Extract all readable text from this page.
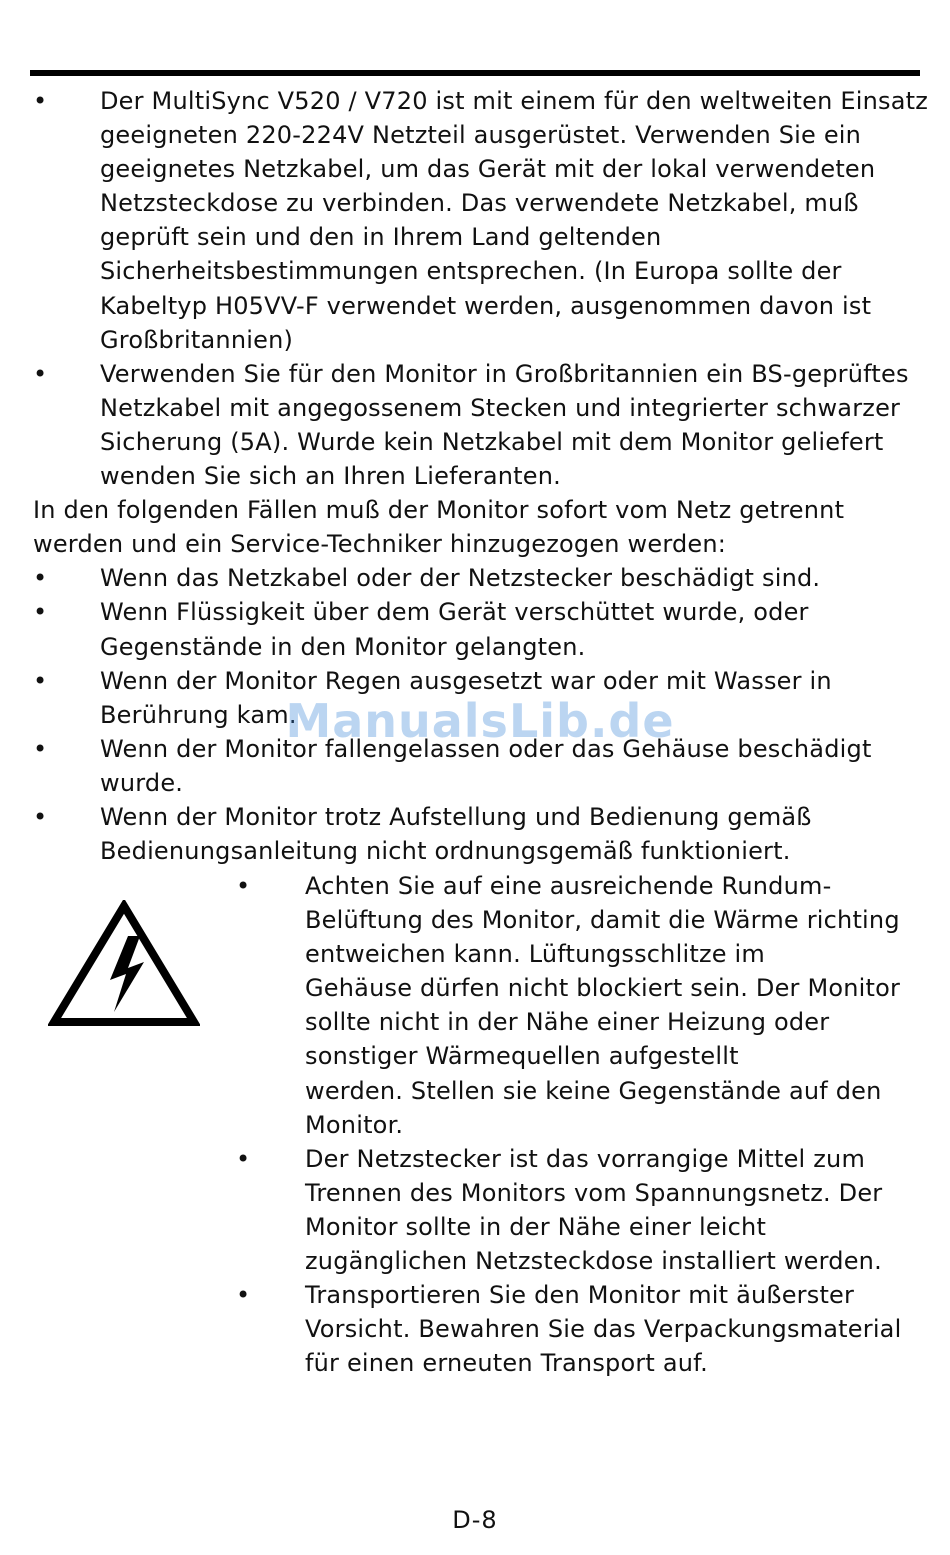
•	Der MultiSync V520 / V720 ist mit einem für den weltweiten Einsatz
geeigneten 220-224V Netzteil ausgerüstet. Verwenden Sie ein
geeignetes Netzkabel, um das Gerät mit der lokal verwendeten
Netzsteckdose zu verbinden. Das verwendete Netzkabel, muß
geprüft sein und den in Ihrem Land geltenden
Sicherheitsbestimmungen entsprechen. (In Europa sollte der
Kabeltyp H05VV-F verwendet werden, ausgenommen davon ist
Großbritannien)
•	Verwenden Sie für den Monitor in Großbritannien ein BS-geprüftes
Netzkabel mit angegossenem Stecken und integrierter schwarzer
Sicherung (5A). Wurde kein Netzkabel mit dem Monitor geliefert
wenden Sie sich an Ihren Lieferanten.
In den folgenden Fällen muß der Monitor sofort vom Netz getrennt
werden und ein Service-Techniker hinzugezogen werden:
•	Wenn das Netzkabel oder der Netzstecker beschädigt sind.
•	Wenn Flüssigkeit über dem Gerät verschüttet wurde, oder
Gegenstände in den Monitor gelangten.
•	Wenn der Monitor Regen ausgesetzt war oder mit Wasser in
Berührung kam.
•	Wenn der Monitor fallengelassen oder das Gehäuse beschädigt
wurde.
•	Wenn der Monitor trotz Aufstellung und Bedienung gemäß
Bedienungsanleitung nicht ordnungsgemäß funktioniert.
•	Achten Sie auf eine ausreichende Rundum-
Belüftung des Monitor, damit die Wärme richting
entweichen kann. Lüftungsschlitze im
Gehäuse dürfen nicht blockiert sein. Der Monitor
sollte nicht in der Nähe einer Heizung oder
sonstiger Wärmequellen aufgestellt
werden. Stellen sie keine Gegenstände auf den
Monitor.
•	Der Netzstecker ist das vorrangige Mittel zum
Trennen des Monitors vom Spannungsnetz. Der
Monitor sollte in der Nähe einer leicht
zugänglichen Netzsteckdose installiert werden.
•	Transportieren Sie den Monitor mit äußerster
Vorsicht. Bewahren Sie das Verpackungsmaterial
für einen erneuten Transport auf.
ManualsLib.de
D-8
